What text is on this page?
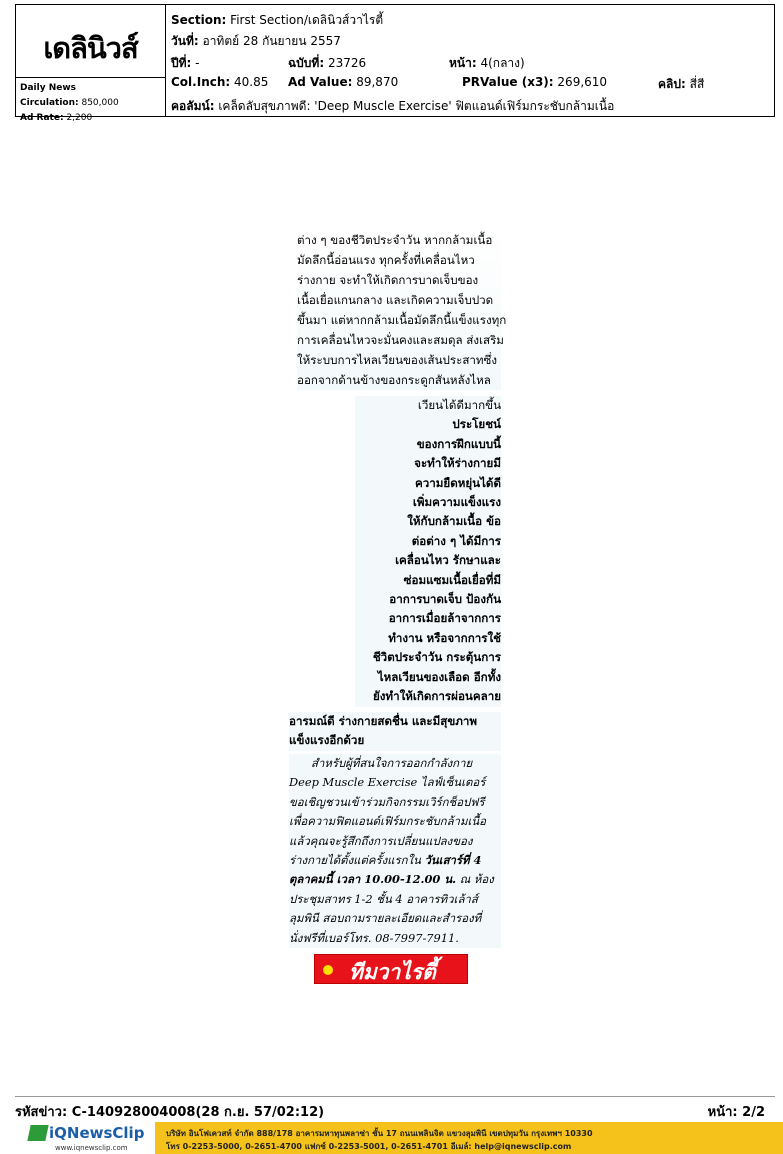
เดลินิวส์
Daily News
Circulation: 850,000
Ad Rate: 2,200
Section: First Section/เดลินิวส์วาไรตี้
วันที่: อาทิตย์ 28 กันยายน 2557
ปีที่: -	ฉบับที่: 23726	หน้า: 4(กลาง)
Col.Inch: 40.85 Ad Value: 89,870	PRValue (x3): 269,610	คลิป: สี่สี
คอลัมน์: เคล็ดลับสุขภาพดี: 'Deep Muscle Exercise' ฟิตแอนด์เฟิร์มกระชับกล้ามเนื้อ
ต่าง ๆ ของชีวิตประจำวัน หากกล้ามเนื้อ
มัดลึกนี้อ่อนแรง ทุกครั้งที่เคลื่อนไหว
ร่างกาย จะทำให้เกิดการบาดเจ็บของ
เนื้อเยื่อแกนกลาง และเกิดความเจ็บปวด
ขึ้นมา แต่หากกล้ามเนื้อมัดลึกนี้แข็งแรงทุก
การเคลื่อนไหวจะมั่นคงและสมดุล ส่งเสริม
ให้ระบบการไหลเวียนของเส้นประสาทซึ่ง
ออกจากด้านข้างของกระดูกสันหลังไหล
เวียนได้ดีมากขึ้น
ประโยชน์
ของการฝึกแบบนี้
จะทำให้ร่างกายมี
ความยืดหยุ่นได้ดี
เพิ่มความแข็งแรง
ให้กับกล้ามเนื้อ ข้อ
ต่อต่าง ๆ ได้มีการ
เคลื่อนไหว รักษาและ
ซ่อมแซมเนื้อเยื่อที่มี
อาการบาดเจ็บ ป้องกัน
อาการเมื่อยล้าจากการ
ทำงาน หรือจากการใช้
ชีวิตประจำวัน กระตุ้นการ
ไหลเวียนของเลือด อีกทั้ง
ยังทำให้เกิดการผ่อนคลาย
อารมณ์ดี ร่างกายสดชื่น และมีสุขภาพ
แข็งแรงอีกด้วย
สำหรับผู้ที่สนใจการออกกำลังกาย
Deep Muscle Exercise ไลฟ์เซ็นเตอร์
ขอเชิญชวนเข้าร่วมกิจกรรมเวิร์กช็อปฟรี
เพื่อความฟิตแอนด์เฟิร์มกระชับกล้ามเนื้อ
แล้วคุณจะรู้สึกถึงการเปลี่ยนแปลงของ
ร่างกายได้ตั้งแต่ครั้งแรกใน วันเสาร์ที่ 4
ตุลาคมนี้ เวลา 10.00-12.00 น. ณ ห้อง
ประชุมสาทร 1-2 ชั้น 4 อาคารทิวเล้าส์
ลุมพินี สอบถามรายละเอียดและสำรองที่
นั่งฟรีที่เบอร์โทร. 08-7997-7911.
ทีมวาไรตี้
รหัสข่าว: C-140928004008(28 ก.ย. 57/02:12)	หน้า: 2/2
iQNewsClip
www.iqnewsclip.com
บริษัท อินโฟเควสท์ จำกัด 888/178 อาคารมหาทุนพลาซ่า ชั้น 17 ถนนเพลินจิต แขวงลุมพินี เขตปทุมวัน กรุงเทพฯ 10330
โทร 0-2253-5000, 0-2651-4700 แฟกซ์ 0-2253-5001, 0-2651-4701 อีเมล์: help@iqnewsclip.com
